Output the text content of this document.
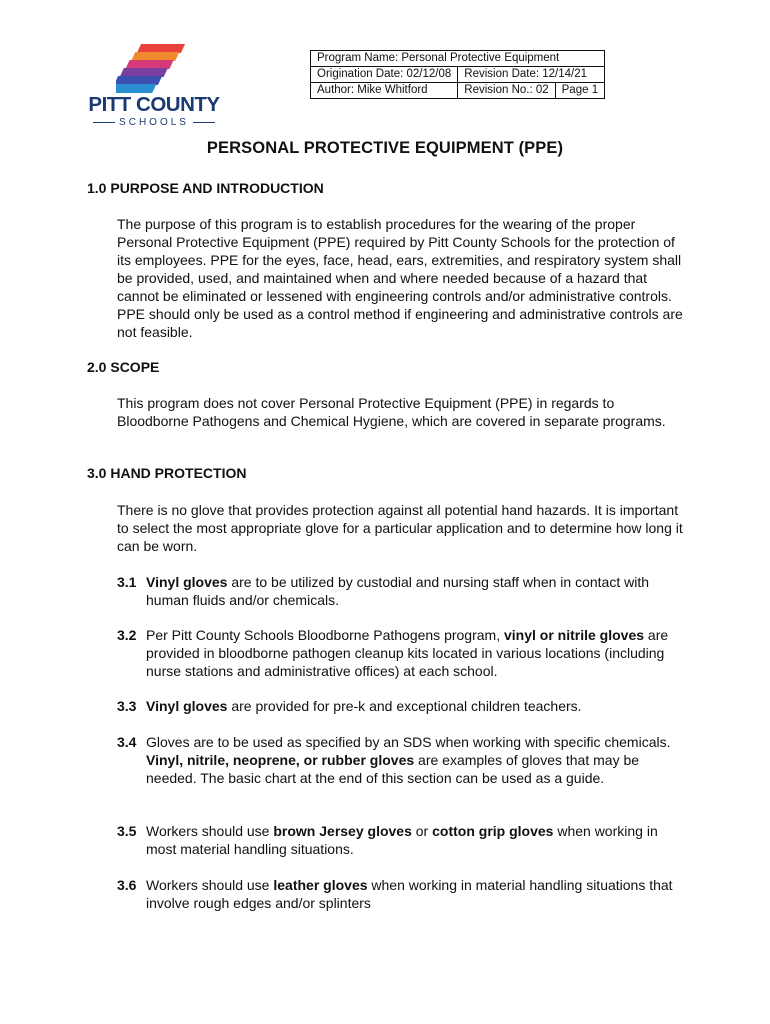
PITT COUNTY
SCHOOLS
Program Name: Personal Protective Equipment		
Origination Date: 02/12/08	Revision Date: 12/14/21	
Author: Mike Whitford	Revision No.: 02	Page 1
PERSONAL PROTECTIVE EQUIPMENT (PPE)
1.0 PURPOSE AND INTRODUCTION

The purpose of this program is to establish procedures for the wearing of the proper Personal Protective Equipment (PPE) required by Pitt County Schools for the protection of its employees. PPE for the eyes, face, head, ears, extremities, and respiratory system shall be provided, used, and maintained when and where needed because of a hazard that cannot be eliminated or lessened with engineering controls and/or administrative controls. PPE should only be used as a control method if engineering and administrative controls are not feasible.

2.0 SCOPE

This program does not cover Personal Protective Equipment (PPE) in regards to Bloodborne Pathogens and Chemical Hygiene, which are covered in separate programs.

3.0 HAND PROTECTION

There is no glove that provides protection against all potential hand hazards. It is important to select the most appropriate glove for a particular application and to determine how long it can be worn.

3.1 Vinyl gloves are to be utilized by custodial and nursing staff when in contact with human fluids and/or chemicals.
3.2 Per Pitt County Schools Bloodborne Pathogens program, vinyl or nitrile gloves are provided in bloodborne pathogen cleanup kits located in various locations (including nurse stations and administrative offices) at each school.
3.3 Vinyl gloves are provided for pre-k and exceptional children teachers.
3.4 Gloves are to be used as specified by an SDS when working with specific chemicals. Vinyl, nitrile, neoprene, or rubber gloves are examples of gloves that may be needed. The basic chart at the end of this section can be used as a guide.
3.5 Workers should use brown Jersey gloves or cotton grip gloves when working in most material handling situations.
3.6 Workers should use leather gloves when working in material handling situations that involve rough edges and/or splinters
